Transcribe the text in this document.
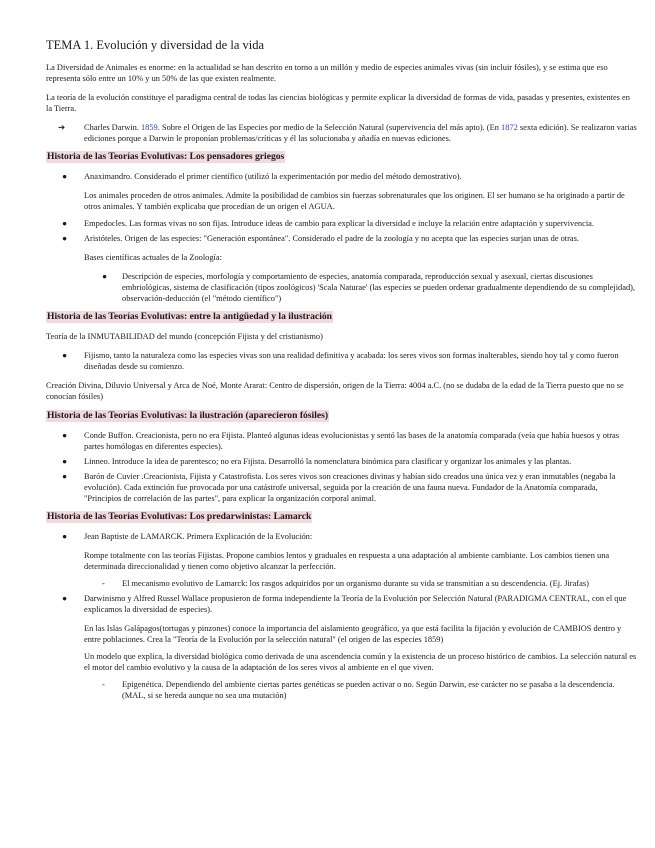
TEMA 1. Evolución y diversidad de la vida

La Diversidad de Animales es enorme: en la actualidad se han descrito en torno a un millón y medio de especies animales vivas (sin incluir fósiles), y se estima que eso representa sólo entre un 10% y un 50% de las que existen realmente.

La teoría de la evolución constituye el paradigma central de todas las ciencias biológicas y permite explicar la diversidad de formas de vida, pasadas y presentes, existentes en la Tierra.

➔ Charles Darwin. 1859. Sobre el Origen de las Especies por medio de la Selección Natural (supervivencia del más apto). (En 1872 sexta edición). Se realizaron varias ediciones porque a Darwin le proponían problemas/críticas y él las solucionaba y añadía en nuevas ediciones.
Historia de las Teorías Evolutivas: Los pensadores griegos
● Anaximandro. Considerado el primer científico (utilizó la experimentación por medio del método demostrativo).

Los animales proceden de otros animales. Admite la posibilidad de cambios sin fuerzas sobrenaturales que los originen. El ser humano se ha originado a partir de otros animales. Y también explicaba que procedían de un origen el AGUA.

● Empedocles. Las formas vivas no son fijas. Introduce ideas de cambio para explicar la diversidad e incluye la relación entre adaptación y supervivencia.
● Aristóteles. Origen de las especies: "Generación espontánea". Considerado el padre de la zoología y no acepta que las especies surjan unas de otras.

Bases científicas actuales de la Zoología:

● Descripción de especies, morfología y comportamiento de especies, anatomía comparada, reproducción sexual y asexual, ciertas discusiones embriológicas, sistema de clasificación (tipos zoológicos) 'Scala Naturae' (las especies se pueden ordenar gradualmente dependiendo de su complejidad), observación-deducción (el "método científico")
Historia de las Teorías Evolutivas: entre la antigüedad y la ilustración

Teoría de la INMUTABILIDAD del mundo (concepción Fijista y del cristianismo)

● Fijismo, tanto la naturaleza como las especies vivas son una realidad definitiva y acabada: los seres vivos son formas inalterables, siendo hoy tal y como fueron diseñadas desde su comienzo.

Creación Divina, Diluvio Universal y Arca de Noé, Monte Ararat: Centro de dispersión, origen de la Tierra: 4004 a.C. (no se dudaba de la edad de la Tierra puesto que no se conocían fósiles)

Historia de las Teorías Evolutivas: la ilustración (aparecieron fósiles)
● Conde Buffon. Creacionista, pero no era Fijista. Planteó algunas ideas evolucionistas y sentó las bases de la anatomía comparada (veía que había huesos y otras partes homólogas en diferentes especies).
● Linneo. Introduce la idea de parentesco; no era Fijista. Desarrolló la nomenclatura binómica para clasificar y organizar los animales y las plantas.
● Barón de Cuvier .Creacionista, Fijista y Catastrofista. Los seres vivos son creaciones divinas y habían sido creados una única vez y eran inmutables (negaba la evolución). Cada extinción fue provocada por una catástrofe universal, seguida por la creación de una fauna nueva. Fundador de la Anatomía comparada, "Principios de correlación de las partes", para explicar la organización corporal animal.
Historia de las Teorías Evolutivas: Los predarwinistas: Lamarck
● Jean Baptiste de LAMARCK. Primera Explicación de la Evolución:

Rompe totalmente con las teorías Fijistas. Propone cambios lentos y graduales en respuesta a una adaptación al ambiente cambiante. Los cambios tienen una determinada direccionalidad y tienen como objetivo alcanzar la perfección.

- El mecanismo evolutivo de Lamarck: los rasgos adquiridos por un organismo durante su vida se transmitían a su descendencia. (Ej. Jirafas)
● Darwinismo y Alfred Russel Wallace propusieron de forma independiente la Teoría de la Evolución por Selección Natural (PARADIGMA CENTRAL, con el que explicamos la diversidad de especies).

En las Islas Galápagos(tortugas y pinzones) conoce la importancia del aislamiento geográfico, ya que está facilita la fijación y evolución de CAMBIOS dentro y entre poblaciones. Crea la "Teoría de la Evolución por la selección natural" (el origen de las especies 1859)

Un modelo que explica, la diversidad biológica como derivada de una ascendencia común y la existencia de un proceso histórico de cambios. La selección natural es el motor del cambio evolutivo y la causa de la adaptación de los seres vivos al ambiente en el que viven.

- Epigenética. Dependiendo del ambiente ciertas partes genéticas se pueden activar o no. Según Darwin, ese carácter no se pasaba a la descendencia. (MAL, si se hereda aunque no sea una mutación)
